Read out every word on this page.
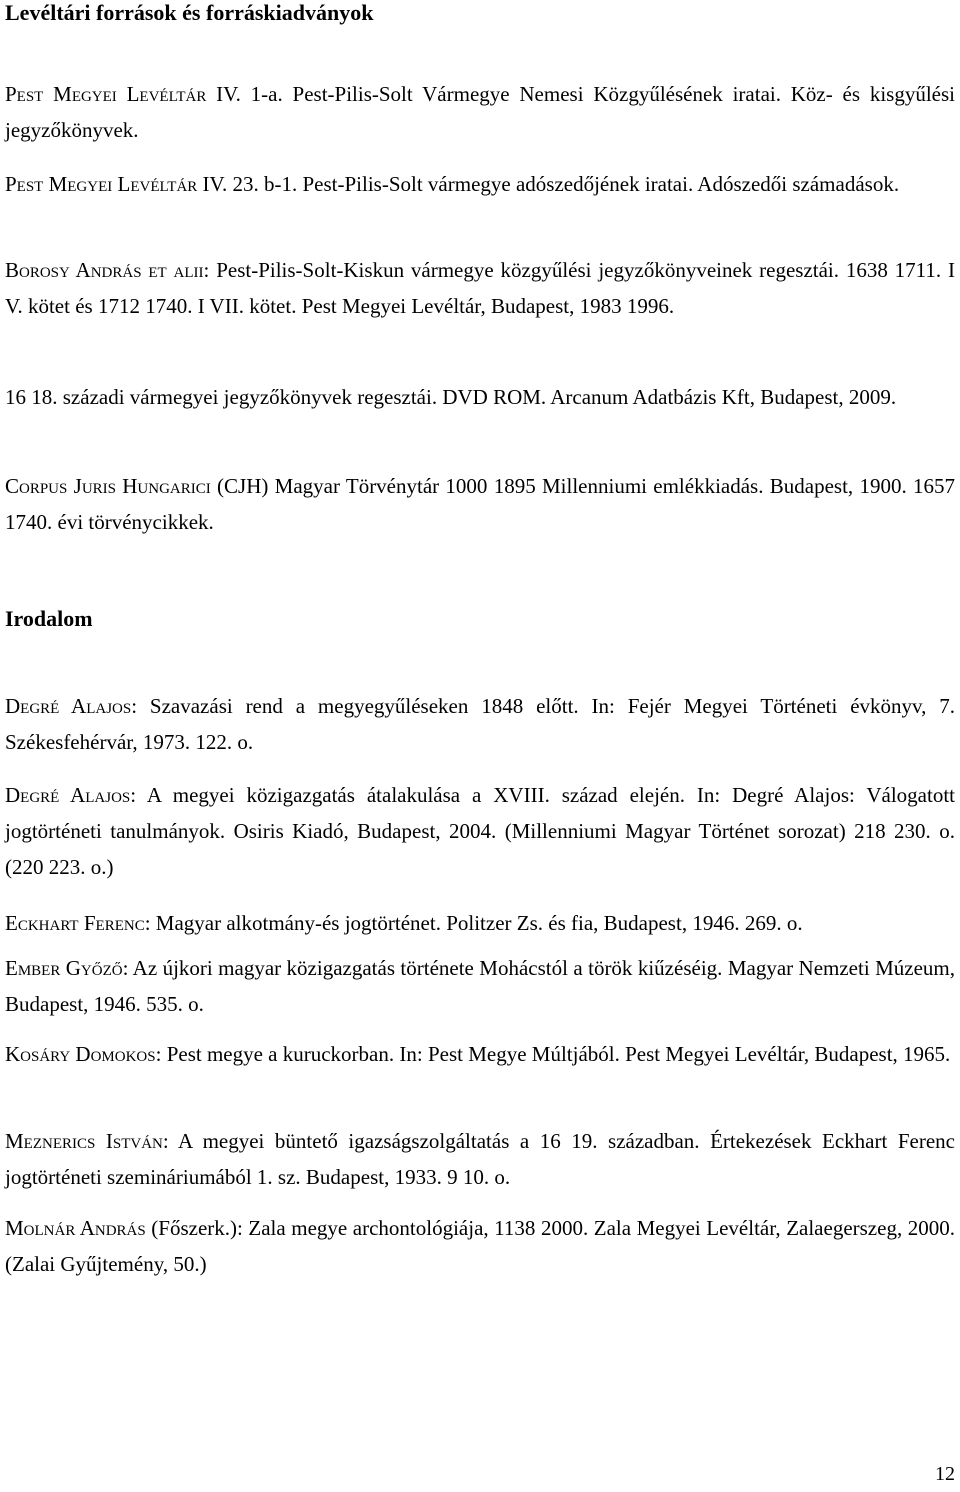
Levéltári források és forráskiadványok

Pest Megyei Levéltár IV. 1-a. Pest-Pilis-Solt Vármegye Nemesi Közgyűlésének iratai. Köz- és kisgyűlési jegyzőkönyvek.

Pest Megyei Levéltár IV. 23. b-1. Pest-Pilis-Solt vármegye adószedőjének iratai. Adószedői számadások.

Borosy András et alii: Pest-Pilis-Solt-Kiskun vármegye közgyűlési jegyzőkönyveinek regesztái. 1638 1711. I V. kötet és 1712 1740. I VII. kötet. Pest Megyei Levéltár, Budapest, 1983 1996.

16 18. századi vármegyei jegyzőkönyvek regesztái. DVD ROM. Arcanum Adatbázis Kft, Budapest, 2009.

Corpus Juris Hungarici (CJH) Magyar Törvénytár 1000 1895 Millenniumi emlékkiadás. Budapest, 1900. 1657 1740. évi törvénycikkek.

Irodalom

Degré Alajos: Szavazási rend a megyegyűléseken 1848 előtt. In: Fejér Megyei Történeti évkönyv, 7. Székesfehérvár, 1973. 122. o.

Degré Alajos: A megyei közigazgatás átalakulása a XVIII. század elején. In: Degré Alajos: Válogatott jogtörténeti tanulmányok. Osiris Kiadó, Budapest, 2004. (Millenniumi Magyar Történet sorozat) 218 230. o. (220 223. o.)

Eckhart Ferenc: Magyar alkotmány-és jogtörténet. Politzer Zs. és fia, Budapest, 1946. 269. o.

Ember Győző: Az újkori magyar közigazgatás története Mohácstól a török kiűzéséig. Magyar Nemzeti Múzeum, Budapest, 1946. 535. o.

Kosáry Domokos: Pest megye a kuruckorban. In: Pest Megye Múltjából. Pest Megyei Levéltár, Budapest, 1965.

Meznerics István: A megyei büntető igazságszolgáltatás a 16 19. században. Értekezések Eckhart Ferenc jogtörténeti szemináriumából 1. sz. Budapest, 1933. 9 10. o.

Molnár András (Főszerk.): Zala megye archontológiája, 1138 2000. Zala Megyei Levéltár, Zalaegerszeg, 2000. (Zalai Gyűjtemény, 50.)

12
